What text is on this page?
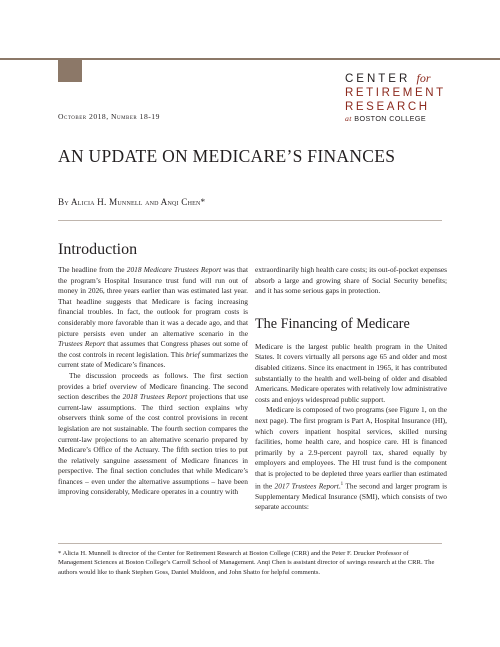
CENTER for
RETIREMENT
RESEARCH
at BOSTON COLLEGE
October 2018, Number 18-19
AN UPDATE ON MEDICARE’S FINANCES
By Alicia H. Munnell and Anqi Chen*
Introduction

The headline from the 2018 Medicare Trustees Report was that the program’s Hospital Insurance trust fund will run out of money in 2026, three years earlier than was estimated last year. That headline suggests that Medicare is facing increasing financial troubles. In fact, the outlook for program costs is considerably more favorable than it was a decade ago, and that picture persists even under an alternative scenario in the Trustees Report that assumes that Congress phases out some of the cost controls in recent legislation. This brief summarizes the current state of Medicare’s finances.

The discussion proceeds as follows. The first section provides a brief overview of Medicare financing. The second section describes the 2018 Trustees Report projections that use current-law assumptions. The third section explains why observers think some of the cost control provisions in recent legislation are not sustainable. The fourth section compares the current-law projections to an alternative scenario prepared by Medicare’s Office of the Actuary. The fifth section tries to put the relatively sanguine assessment of Medicare finances in perspective. The final section concludes that while Medicare’s finances – even under the alternative assumptions – have been improving considerably, Medicare operates in a country with

extraordinarily high health care costs; its out-of-pocket expenses absorb a large and growing share of Social Security benefits; and it has some serious gaps in protection.

The Financing of Medicare

Medicare is the largest public health program in the United States. It covers virtually all persons age 65 and older and most disabled citizens. Since its enactment in 1965, it has contributed substantially to the health and well-being of older and disabled Americans. Medicare operates with relatively low administrative costs and enjoys widespread public support.

Medicare is composed of two programs (see Figure 1, on the next page). The first program is Part A, Hospital Insurance (HI), which covers inpatient hospital services, skilled nursing facilities, home health care, and hospice care. HI is financed primarily by a 2.9-percent payroll tax, shared equally by employers and employees. The HI trust fund is the component that is projected to be depleted three years earlier than estimated in the 2017 Trustees Report.$^1$ The second and larger program is Supplementary Medical Insurance (SMI), which consists of two separate accounts:

* Alicia H. Munnell is director of the Center for Retirement Research at Boston College (CRR) and the Peter F. Drucker Professor of Management Sciences at Boston College’s Carroll School of Management. Anqi Chen is assistant director of savings research at the CRR. The authors would like to thank Stephen Goss, Daniel Muldoon, and John Shatto for helpful comments.
